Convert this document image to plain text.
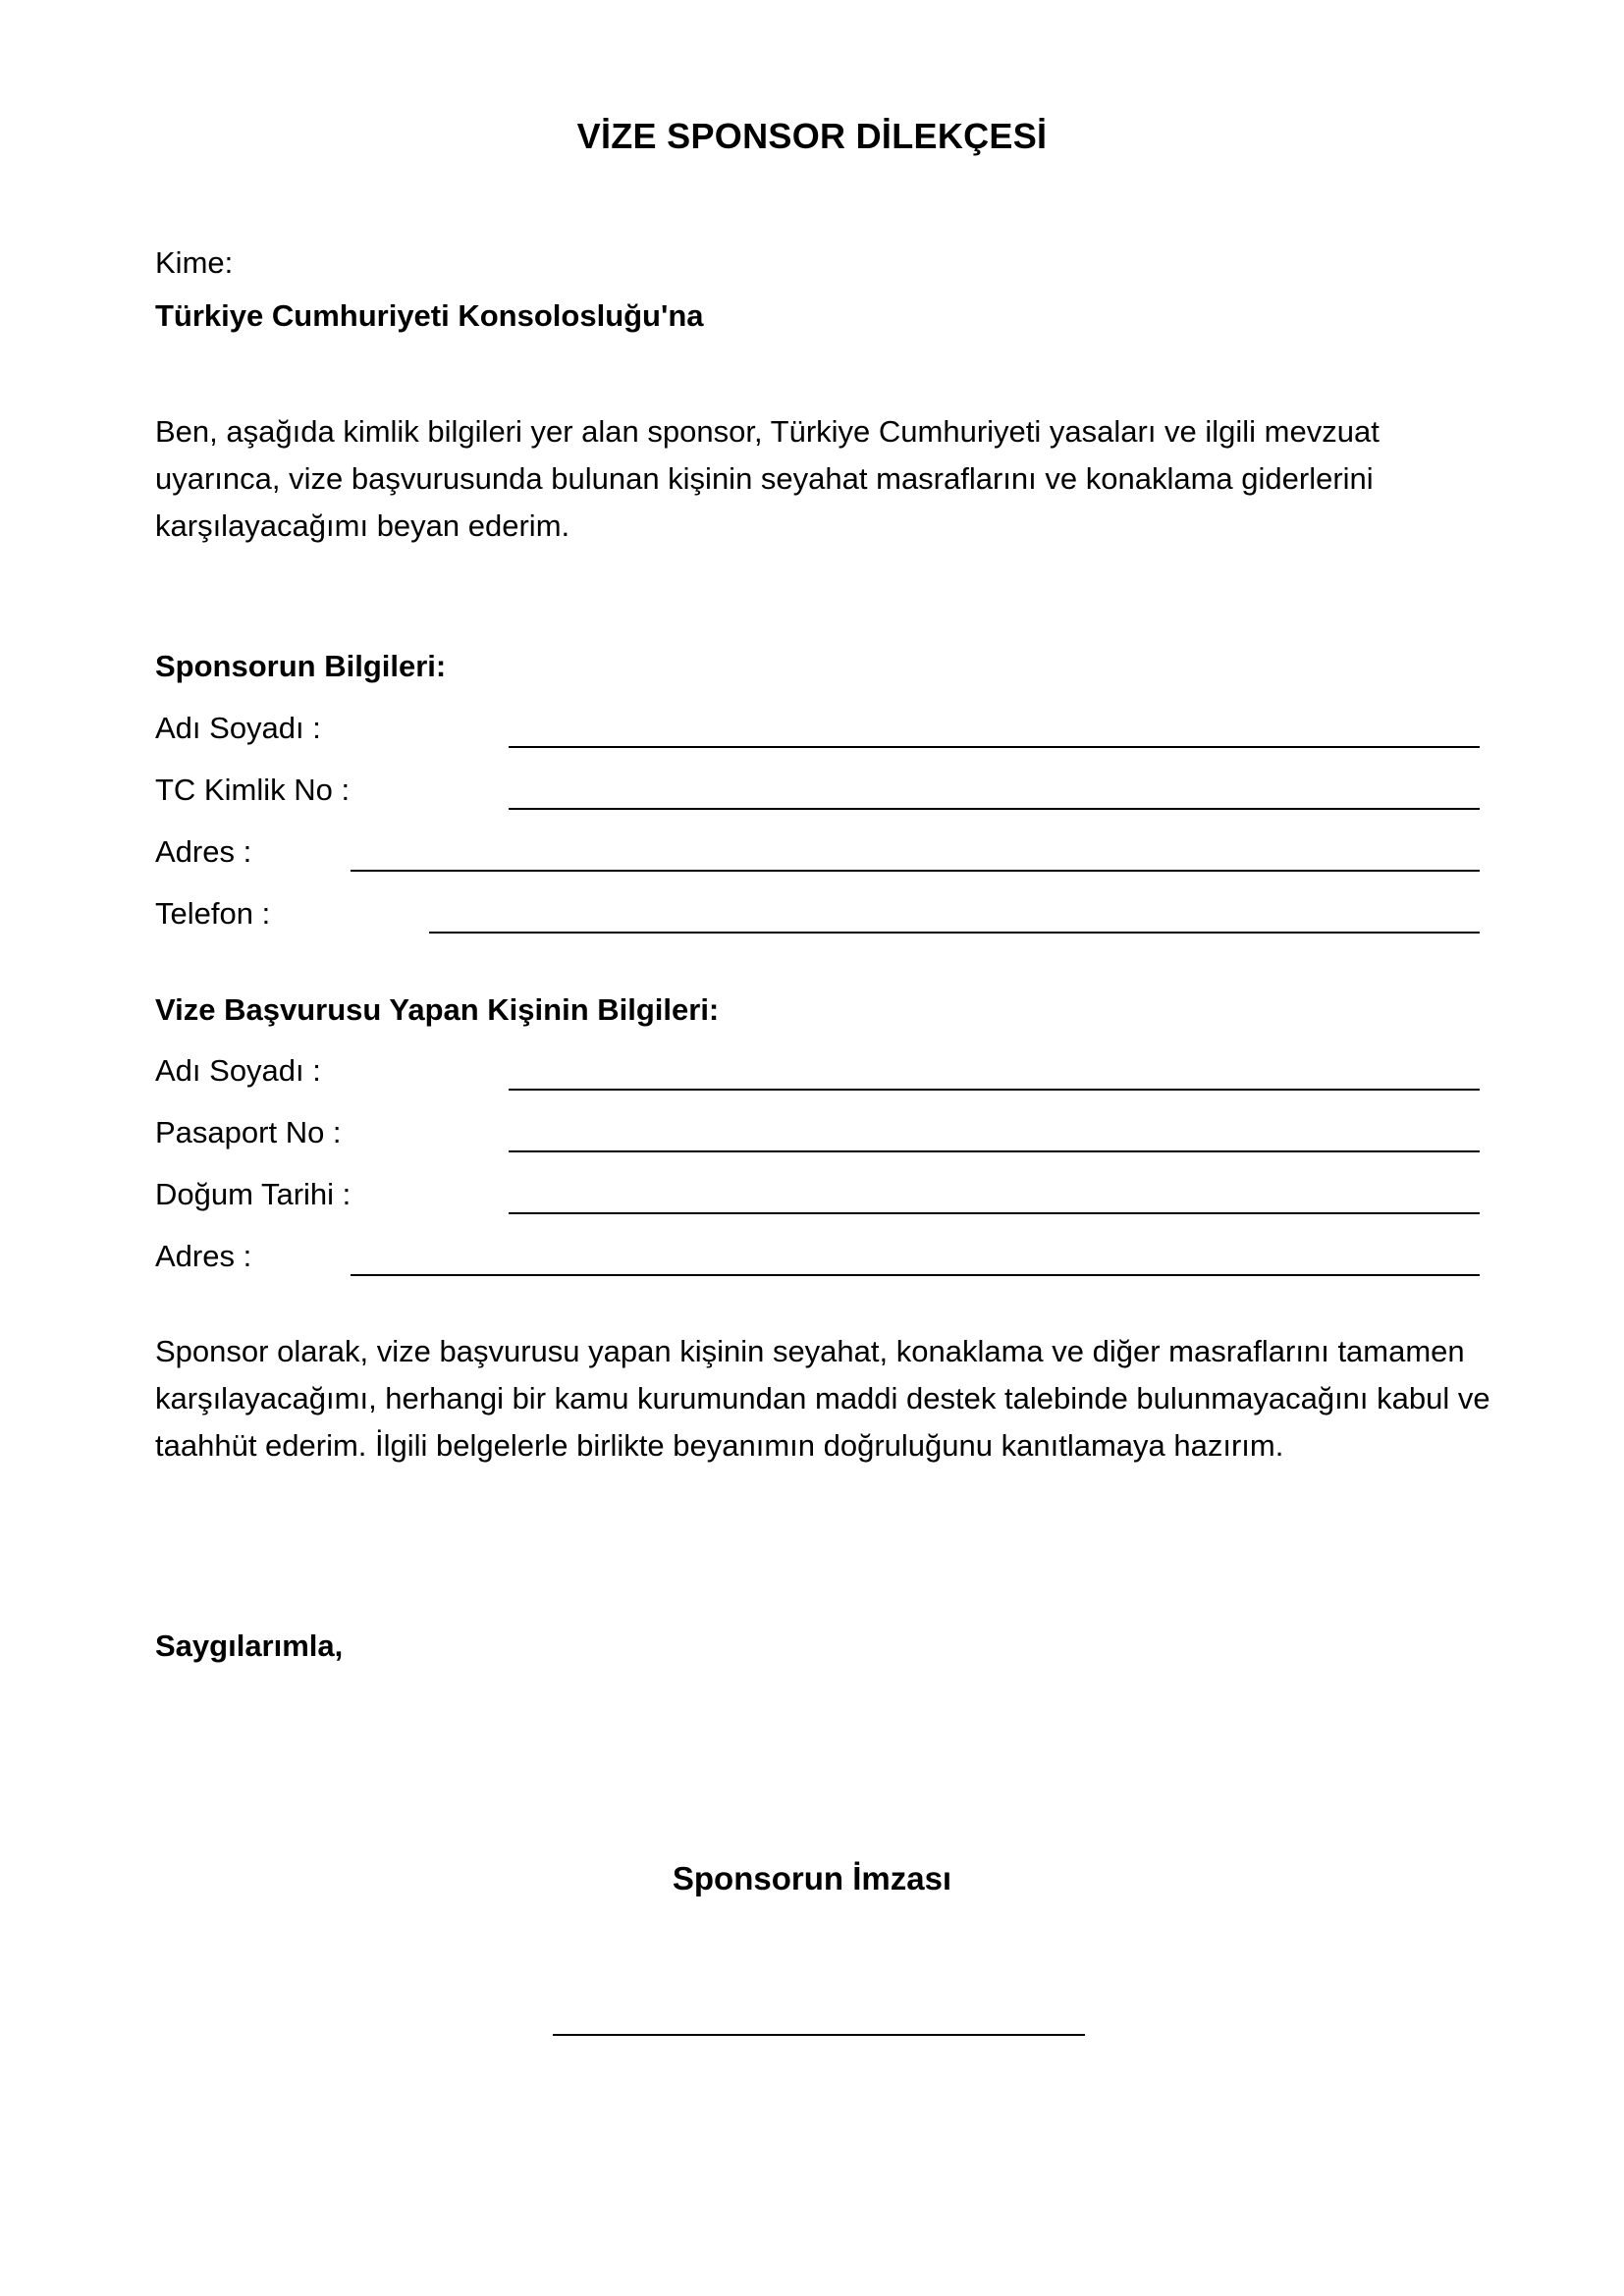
VİZE SPONSOR DİLEKÇESİ
Kime:
Türkiye Cumhuriyeti Konsolosluğu'na
Ben, aşağıda kimlik bilgileri yer alan sponsor, Türkiye Cumhuriyeti yasaları ve ilgili mevzuat uyarınca, vize başvurusunda bulunan kişinin seyahat masraflarını ve konaklama giderlerini karşılayacağımı beyan ederim.
Sponsorun Bilgileri:
Adı Soyadı :
TC Kimlik No :
Adres :
Telefon :
Vize Başvurusu Yapan Kişinin Bilgileri:
Adı Soyadı :
Pasaport No :
Doğum Tarihi :
Adres :
Sponsor olarak, vize başvurusu yapan kişinin seyahat, konaklama ve diğer masraflarını tamamen karşılayacağımı, herhangi bir kamu kurumundan maddi destek talebinde bulunmayacağını kabul ve taahhüt ederim. İlgili belgelerle birlikte beyanımın doğruluğunu kanıtlamaya hazırım.
Saygılarımla,
Sponsorun İmzası
